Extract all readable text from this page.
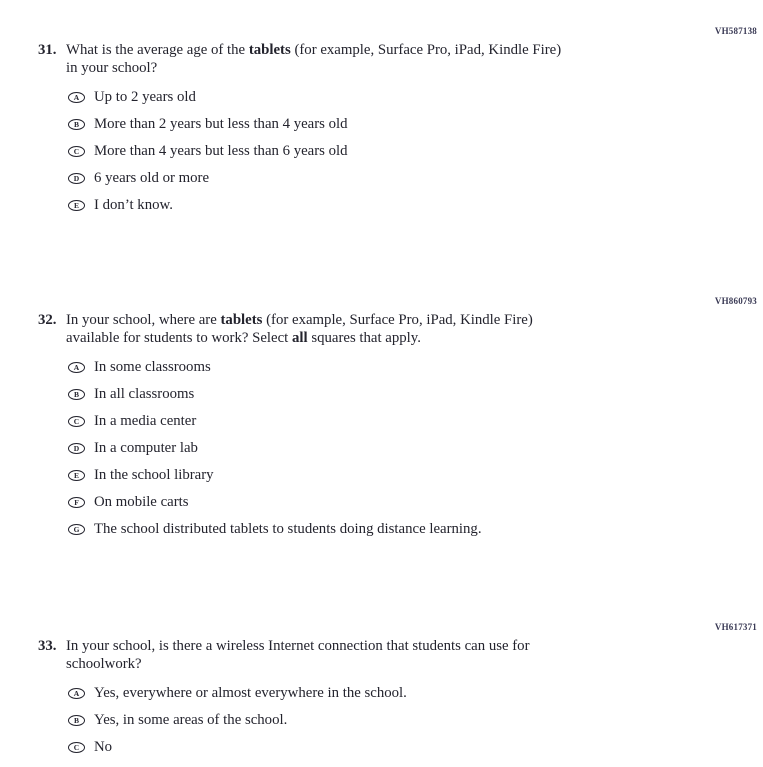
VH587138
31. What is the average age of the tablets (for example, Surface Pro, iPad, Kindle Fire)
in your school?
A Up to 2 years old
B	More than 2 years but less than 4 years old
C More than 4 years but less than 6 years old
D 6 years old or more
E	I don’t know.
VH860793
32. In your school, where are tablets (for example, Surface Pro, iPad, Kindle Fire)
available for students to work? Select all squares that apply.
A In some classrooms
B	In all classrooms
C In a media center
D In a computer lab
E	In the school library
F	On mobile carts
G The school distributed tablets to students doing distance learning.
VH617371
33. In your school, is there a wireless Internet connection that students can use for
schoolwork?
A Yes, everywhere or almost everywhere in the school.
B	Yes, in some areas of the school.
C No
